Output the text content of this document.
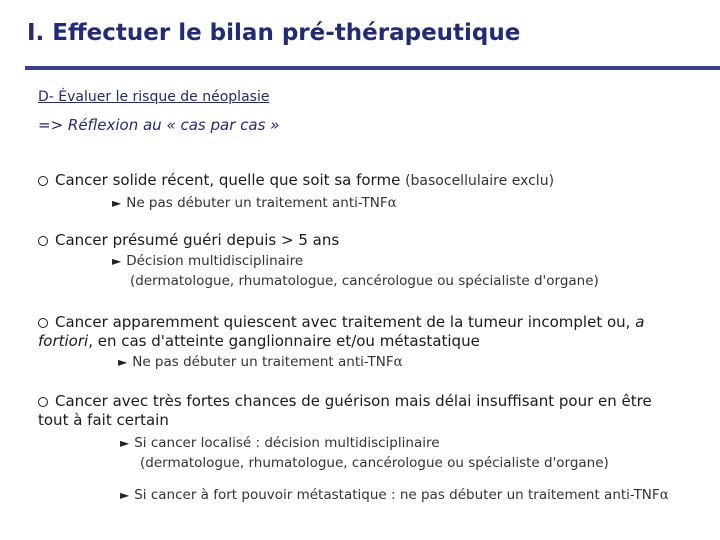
I. Effectuer le bilan pré-thérapeutique
D- Évaluer le risque de néoplasie
=> Réflexion au « cas par cas »
Cancer solide récent, quelle que soit sa forme (basocellulaire exclu)
► Ne pas débuter un traitement anti-TNFα
Cancer présumé guéri depuis > 5 ans
► Décision multidisciplinaire
(dermatologue, rhumatologue, cancérologue ou spécialiste d'organe)
Cancer apparemment quiescent avec traitement de la tumeur incomplet ou, a
fortiori, en cas d'atteinte ganglionnaire et/ou métastatique
► Ne pas débuter un traitement anti-TNFα
Cancer avec très fortes chances de guérison mais délai insuffisant pour en être
tout à fait certain
► Si cancer localisé : décision multidisciplinaire
(dermatologue, rhumatologue, cancérologue ou spécialiste d'organe)
► Si cancer à fort pouvoir métastatique : ne pas débuter un traitement anti-TNFα
